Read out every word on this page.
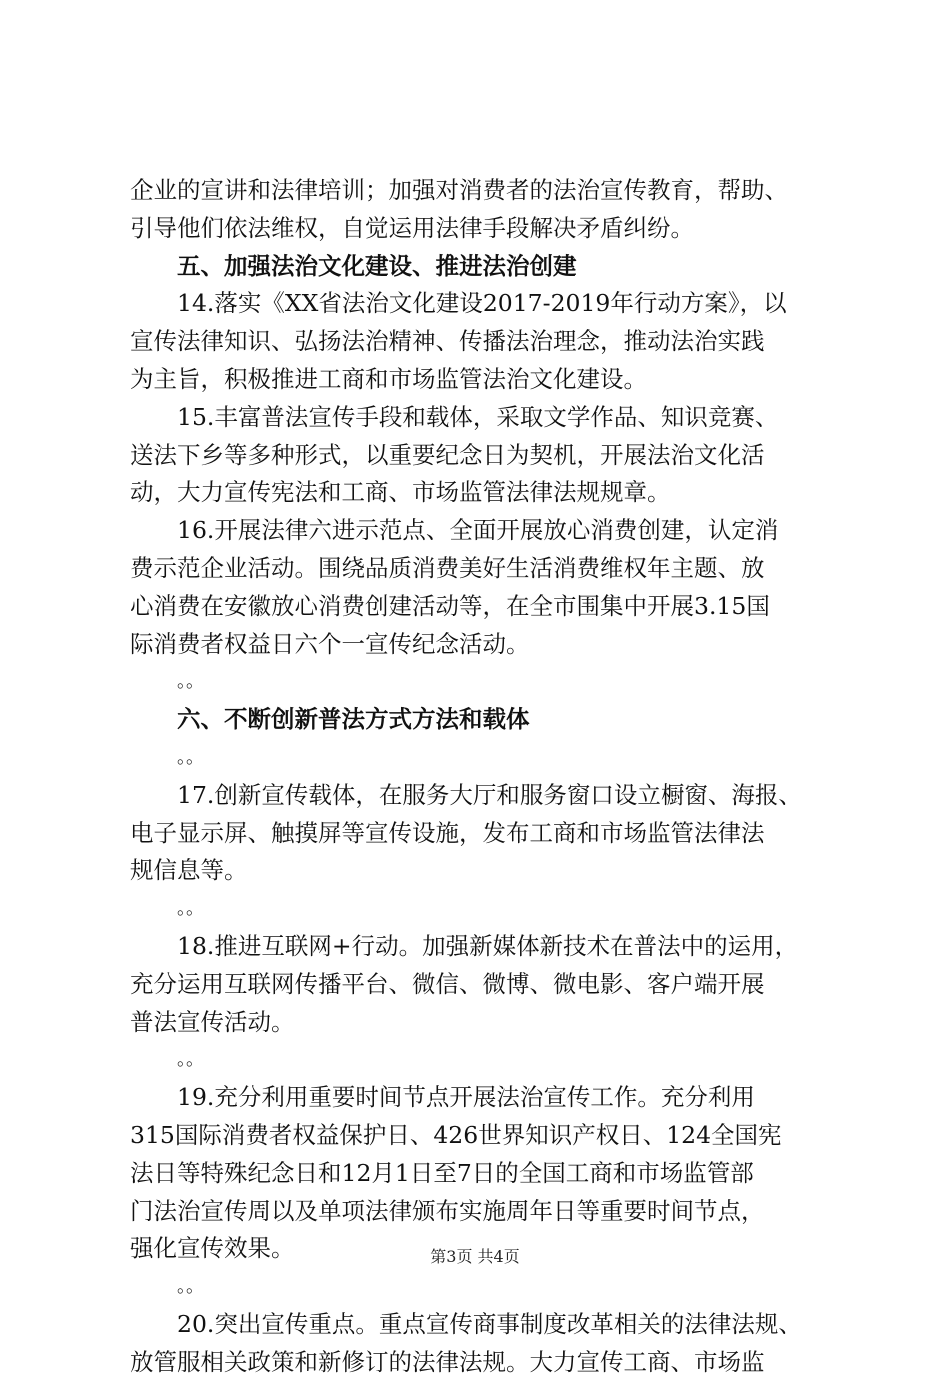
企业的宣讲和法律培训；加强对消费者的法治宣传教育，帮助、
引导他们依法维权，自觉运用法律手段解决矛盾纠纷。
五、加强法治文化建设、推进法治创建
14.落实《XX省法治文化建设2017-2019年行动方案》，以
宣传法律知识、弘扬法治精神、传播法治理念，推动法治实践
为主旨，积极推进工商和市场监管法治文化建设。
15.丰富普法宣传手段和载体，采取文学作品、知识竞赛、
送法下乡等多种形式，以重要纪念日为契机，开展法治文化活
动，大力宣传宪法和工商、市场监管法律法规规章。
16.开展法律六进示范点、全面开展放心消费创建，认定消
费示范企业活动。围绕品质消费美好生活消费维权年主题、放
心消费在安徽放心消费创建活动等，在全市围集中开展3.15国
际消费者权益日六个一宣传纪念活动。
。。
六、不断创新普法方式方法和载体
。。
17.创新宣传载体，在服务大厅和服务窗口设立橱窗、海报、
电子显示屏、触摸屏等宣传设施，发布工商和市场监管法律法
规信息等。
。。
18.推进互联网+行动。加强新媒体新技术在普法中的运用，
充分运用互联网传播平台、微信、微博、微电影、客户端开展
普法宣传活动。
。。
19.充分利用重要时间节点开展法治宣传工作。充分利用
315国际消费者权益保护日、426世界知识产权日、124全国宪
法日等特殊纪念日和12月1日至7日的全国工商和市场监管部
门法治宣传周以及单项法律颁布实施周年日等重要时间节点，
强化宣传效果。
。。
20.突出宣传重点。重点宣传商事制度改革相关的法律法规、
放管服相关政策和新修订的法律法规。大力宣传工商、市场监
第3页 共4页
